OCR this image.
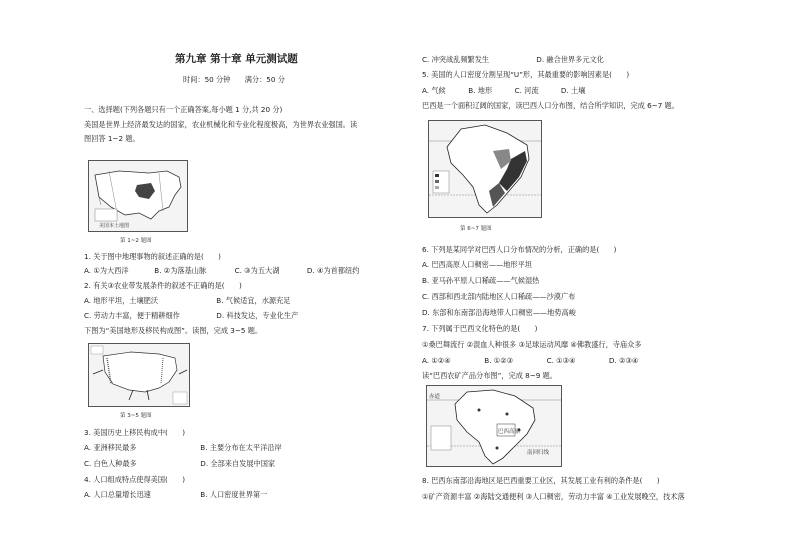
第九章 第十章 单元测试题
时间：50 分钟　　满分：50 分
一、选择题(下列各题只有一个正确答案,每小题 1 分,共 20 分)
美国是世界上经济最发达的国家，农业机械化和专业化程度极高，为世界农业强国。读
图回答 1~2 题。
美国本土地图
第 1~2 题图
1. 关于图中地理事物的叙述正确的是(　　)
A. ①为大西洋	B. ②为落基山脉	C. ③为五大湖	D. ④为首都纽约
2. 有关③农业带发展条件的叙述不正确的是(　　)
A. 地形平坦，土壤肥沃	B. 气候适宜，水源充足
C. 劳动力丰富，便于精耕细作	D. 科技发达，专业化生产
下图为“美国地形及移民构成图”。读图，完成 3~5 题。
第 3~5 题图
3. 美国历史上移民构成中(　　)
A. 亚洲移民最多	B. 主要分布在太平洋沿岸
C. 白色人种最多	D. 全部来自发展中国家
4. 人口组成特点使得美国(　　)
A. 人口总量增长迅速	B. 人口密度世界第一
C. 冲突战乱频繁发生	D. 融合世界多元文化
5. 美国的人口密度分割呈现“U”形，其最重要的影响因素是(　　)
A. 气候	B. 地形	C. 河流	D. 土壤
巴西是一个面积辽阔的国家，读巴西人口分布图，结合所学知识，完成 6~7 题。
第 6~7 题图
6. 下列是某同学对巴西人口分布情况的分析，正确的是(　　)
A. 巴西高原人口稠密——地形平坦
B. 亚马孙平原人口稀疏——气候湿热
C. 西部和西北部内陆地区人口稀疏——沙漠广布
D. 东部和东南部沿海地带人口稠密——地势高峻
7. 下列属于巴西文化特色的是(　　)
①桑巴舞流行 ②混血人种很多 ③足球运动风靡 ④佛教盛行，寺庙众多
A. ①②④	B. ①②③	C. ①③④	D. ②③④
读“巴西农矿产品分布图”，完成 8~9 题。
赤道
南回归线
巴西高原
8. 巴西东南部沿海地区是巴西重要工业区，其发展工业有利的条件是(　　)
①矿产资源丰富 ②海陆交通便利 ③人口稠密，劳动力丰富 ④工业发展晚空，技术落
